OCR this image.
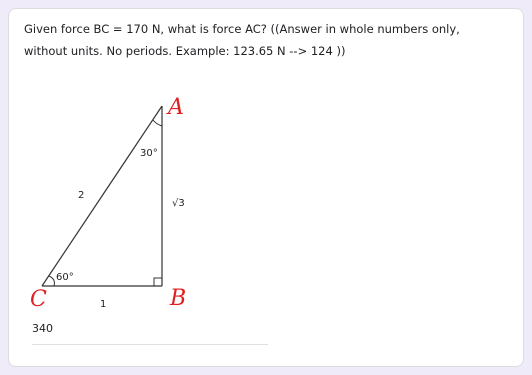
Given force BC = 170 N, what is force AC? ((Answer in whole numbers only, without units. No periods. Example: 123.65 N --> 124 ))
A
B
C
2
√3
1
30°
60°
340
